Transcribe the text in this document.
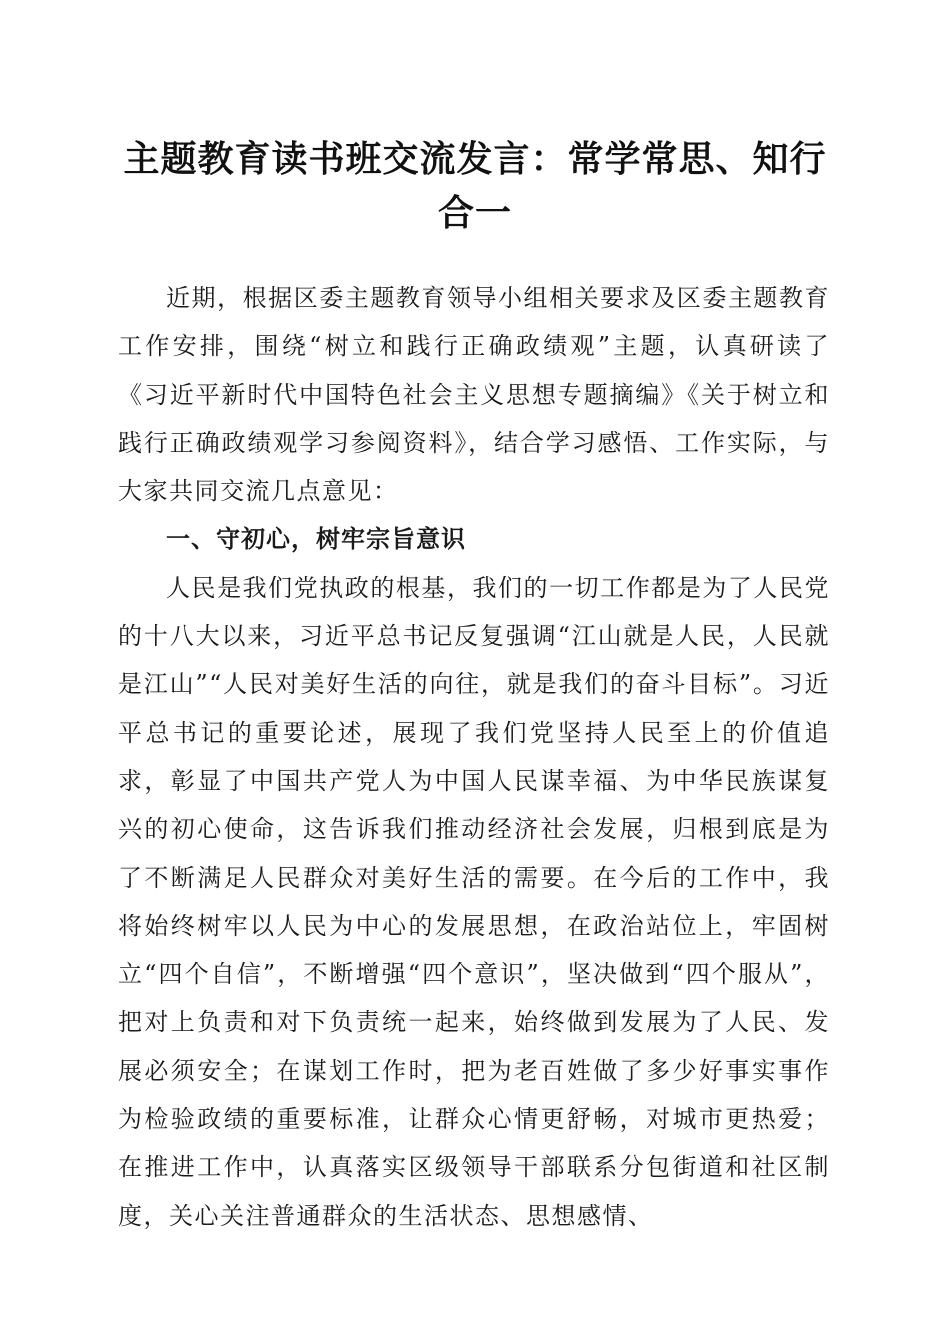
主题教育读书班交流发言：常学常思、知行合一

近期，根据区委主题教育领导小组相关要求及区委主题教育工作安排，围绕“树立和践行正确政绩观”主题，认真研读了《习近平新时代中国特色社会主义思想专题摘编》《关于树立和践行正确政绩观学习参阅资料》，结合学习感悟、工作实际，与大家共同交流几点意见：

一、守初心，树牢宗旨意识

人民是我们党执政的根基，我们的一切工作都是为了人民党的十八大以来，习近平总书记反复强调“江山就是人民，人民就是江山”“人民对美好生活的向往，就是我们的奋斗目标”。习近平总书记的重要论述，展现了我们党坚持人民至上的价值追求，彰显了中国共产党人为中国人民谋幸福、为中华民族谋复兴的初心使命，这告诉我们推动经济社会发展，归根到底是为了不断满足人民群众对美好生活的需要。在今后的工作中，我将始终树牢以人民为中心的发展思想，在政治站位上，牢固树立“四个自信”，不断增强“四个意识”，坚决做到“四个服从”，把对上负责和对下负责统一起来，始终做到发展为了人民、发展必须安全；在谋划工作时，把为老百姓做了多少好事实事作为检验政绩的重要标准，让群众心情更舒畅，对城市更热爱；在推进工作中，认真落实区级领导干部联系分包街道和社区制度，关心关注普通群众的生活状态、思想感情、
